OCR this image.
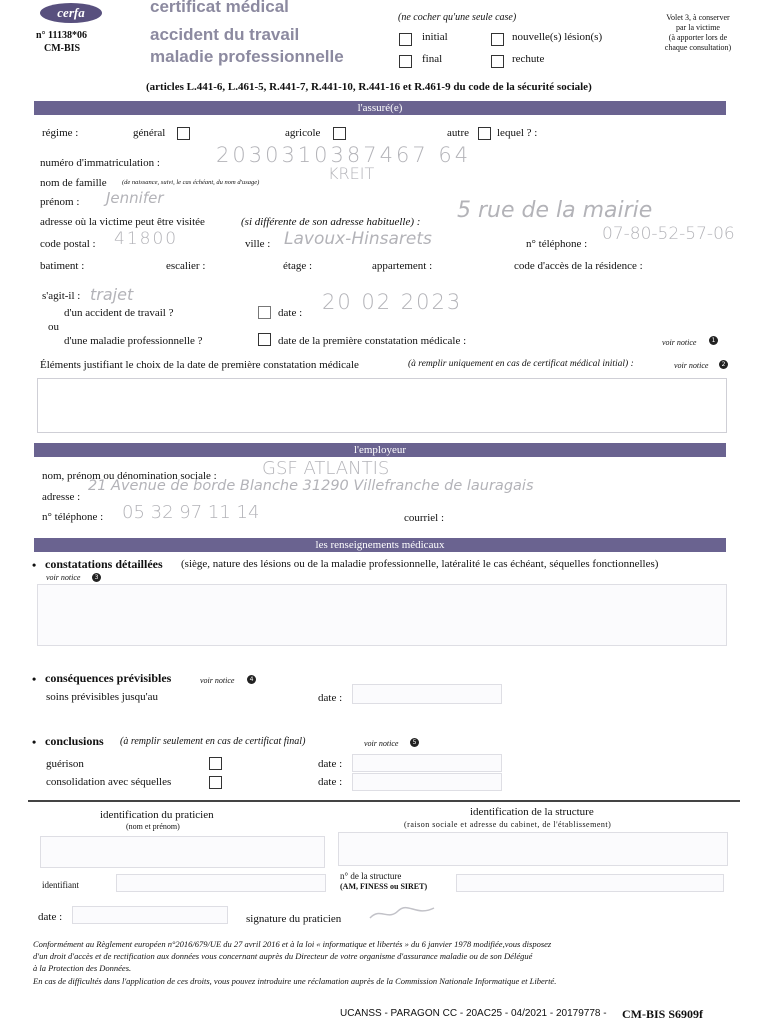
cerfa
n° 11138*06
CM-BIS
certificat médical
accident du travail
maladie professionnelle
(ne cocher qu'une seule case)
initial	nouvelle(s) lésion(s)
final	rechute
Volet 3, à conserver
par la victime
(à apporter lors de
chaque consultation)
(articles L.441-6, L.461-5, R.441-7, R.441-10, R.441-16 et R.461-9 du code de la sécurité sociale)
l'assuré(e)
régime :	général	agricole	autre	lequel ? :
numéro d'immatriculation :	2030310387467 64
nom de famille (de naissance, suivi, le cas échéant, du nom d'usage)	KREIT
prénom : Jennifer
adresse où la victime peut être visitée	(si différente de son adresse habituelle) : 5 rue de la mairie
code postal : 41800	ville : Lavoux-Hinsarets	n° téléphone : 07-80-52-57-06
batiment :	escalier :	étage :	appartement :	code d'accès de la résidence :
s'agit-il : trajet
d'un accident de travail ?	date : 20 02 2023
ou
d'une maladie professionnelle ?	date de la première constatation médicale :	voir notice	1
Éléments justifiant le choix de la date de première constatation médicale	(à remplir uniquement en cas de certificat médical initial) :	voir notice	2
l'employeur
nom, prénom ou dénomination sociale :	GSF ATLANTIS
adresse :
21 Avenue de borde Blanche 31290 Villefranche de lauragais
n° téléphone : 05 32 97 11 14	courriel :
les renseignements médicaux
• constatations détaillées (siège, nature des lésions ou de la maladie professionnelle, latéralité le cas échéant, séquelles fonctionnelles)
voir notice	3
• conséquences prévisibles	voir notice	4
soins prévisibles jusqu'au	date :
• conclusions (à remplir seulement en cas de certificat final)	voir notice	5
guérison	date :
consolidation avec séquelles	date :
identification du praticien
(nom et prénom)
identification de la structure
(raison sociale et adresse du cabinet, de l'établissement)
identifiant
n° de la structure
(AM, FINESS ou SIRET)
date :	signature du praticien
Conformément au Règlement européen n°2016/679/UE du 27 avril 2016 et à la loi « informatique et libertés » du 6 janvier 1978 modifiée,vous disposez
d'un droit d'accès et de rectification aux données vous concernant auprès du Directeur de votre organisme d'assurance maladie ou de son Délégué
à la Protection des Données.
En cas de difficultés dans l'application de ces droits, vous pouvez introduire une réclamation auprès de la Commission Nationale Informatique et Liberté.
UCANSS - PARAGON CC - 20AC25 - 04/2021 - 20179778 - CM-BIS S6909f
